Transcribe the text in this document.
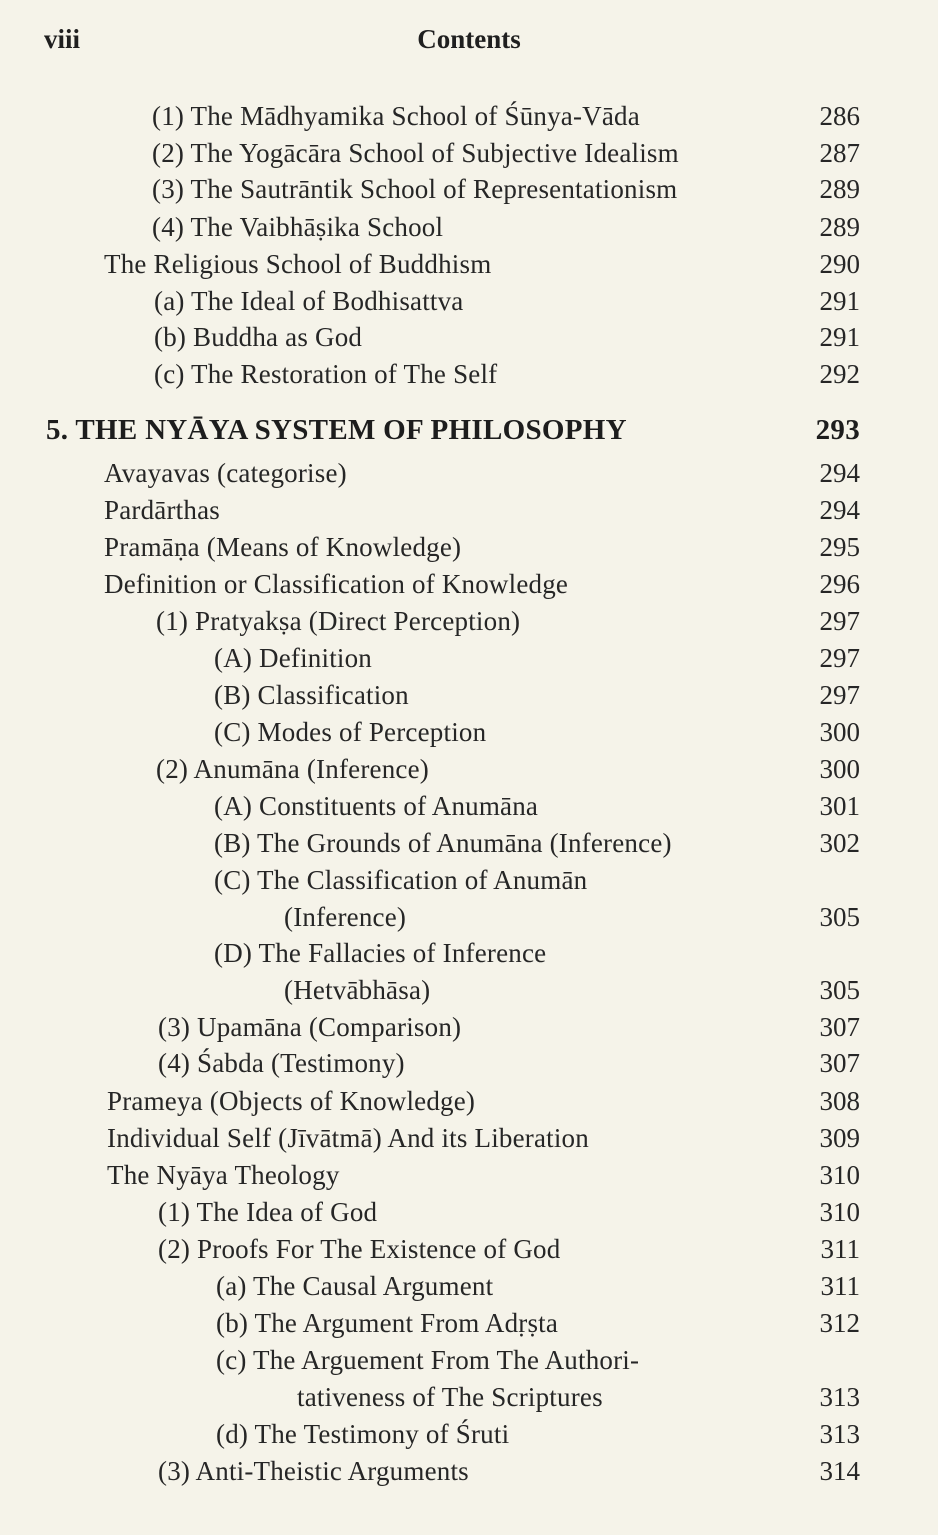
viii	Contents
(1) The Mādhyamika School of Śūnya-Vāda	286
(2) The Yogācāra School of Subjective Idealism	287
(3) The Sautrāntik School of Representationism	289
(4) The Vaibhāṣika School	289
The Religious School of Buddhism	290
(a) The Ideal of Bodhisattva	291
(b) Buddha as God	291
(c) The Restoration of The Self	292
5. THE NYĀYA SYSTEM OF PHILOSOPHY	293
Avayavas (categorise)	294
Pardārthas	294
Pramāṇa (Means of Knowledge)	295
Definition or Classification of Knowledge	296
(1) Pratyakṣa (Direct Perception)	297
(A) Definition	297
(B) Classification	297
(C) Modes of Perception	300
(2) Anumāna (Inference)	300
(A) Constituents of Anumāna	301
(B) The Grounds of Anumāna (Inference)	302
(C) The Classification of Anumān
(Inference)	305
(D) The Fallacies of Inference
(Hetvābhāsa)	305
(3) Upamāna (Comparison)	307
(4) Śabda (Testimony)	307
Prameya (Objects of Knowledge)	308
Individual Self (Jīvātmā) And its Liberation	309
The Nyāya Theology	310
(1) The Idea of God	310
(2) Proofs For The Existence of God	311
(a) The Causal Argument	311
(b) The Argument From Adṛṣta	312
(c) The Arguement From The Authori-
tativeness of The Scriptures	313
(d) The Testimony of Śruti	313
(3) Anti-Theistic Arguments	314
